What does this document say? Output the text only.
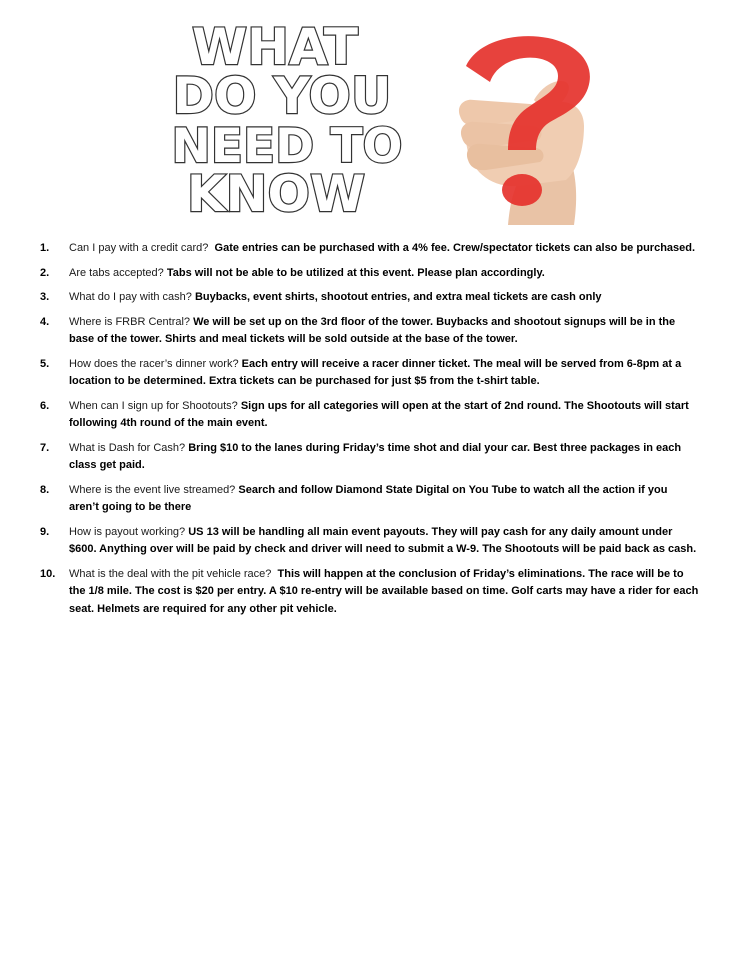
WHAT
DO YOU
NEED TO
KNOW
1.	Can I pay with a credit card? Gate entries can be purchased with a 4% fee. Crew/spectator tickets can also be purchased.
2.	Are tabs accepted? Tabs will not be able to be utilized at this event. Please plan accordingly.
3.	What do I pay with cash? Buybacks, event shirts, shootout entries, and extra meal tickets are cash only
4.	Where is FRBR Central? We will be set up on the 3rd floor of the tower. Buybacks and shootout signups will be in the base of the tower. Shirts and meal tickets will be sold outside at the base of the tower.
5.	How does the racer’s dinner work? Each entry will receive a racer dinner ticket. The meal will be served from 6-8pm at a location to be determined. Extra tickets can be purchased for just $5 from the t-shirt table.
6.	When can I sign up for Shootouts? Sign ups for all categories will open at the start of 2nd round. The Shootouts will start following 4th round of the main event.
7.	What is Dash for Cash? Bring $10 to the lanes during Friday’s time shot and dial your car. Best three packages in each class get paid.
8.	Where is the event live streamed? Search and follow Diamond State Digital on You Tube to watch all the action if you aren’t going to be there
9.	How is payout working? US 13 will be handling all main event payouts. They will pay cash for any daily amount under $600. Anything over will be paid by check and driver will need to submit a W-9. The Shootouts will be paid back as cash.
10.	What is the deal with the pit vehicle race? This will happen at the conclusion of Friday’s eliminations. The race will be to the 1/8 mile. The cost is $20 per entry. A $10 re-entry will be available based on time. Golf carts may have a rider for each seat. Helmets are required for any other pit vehicle.
